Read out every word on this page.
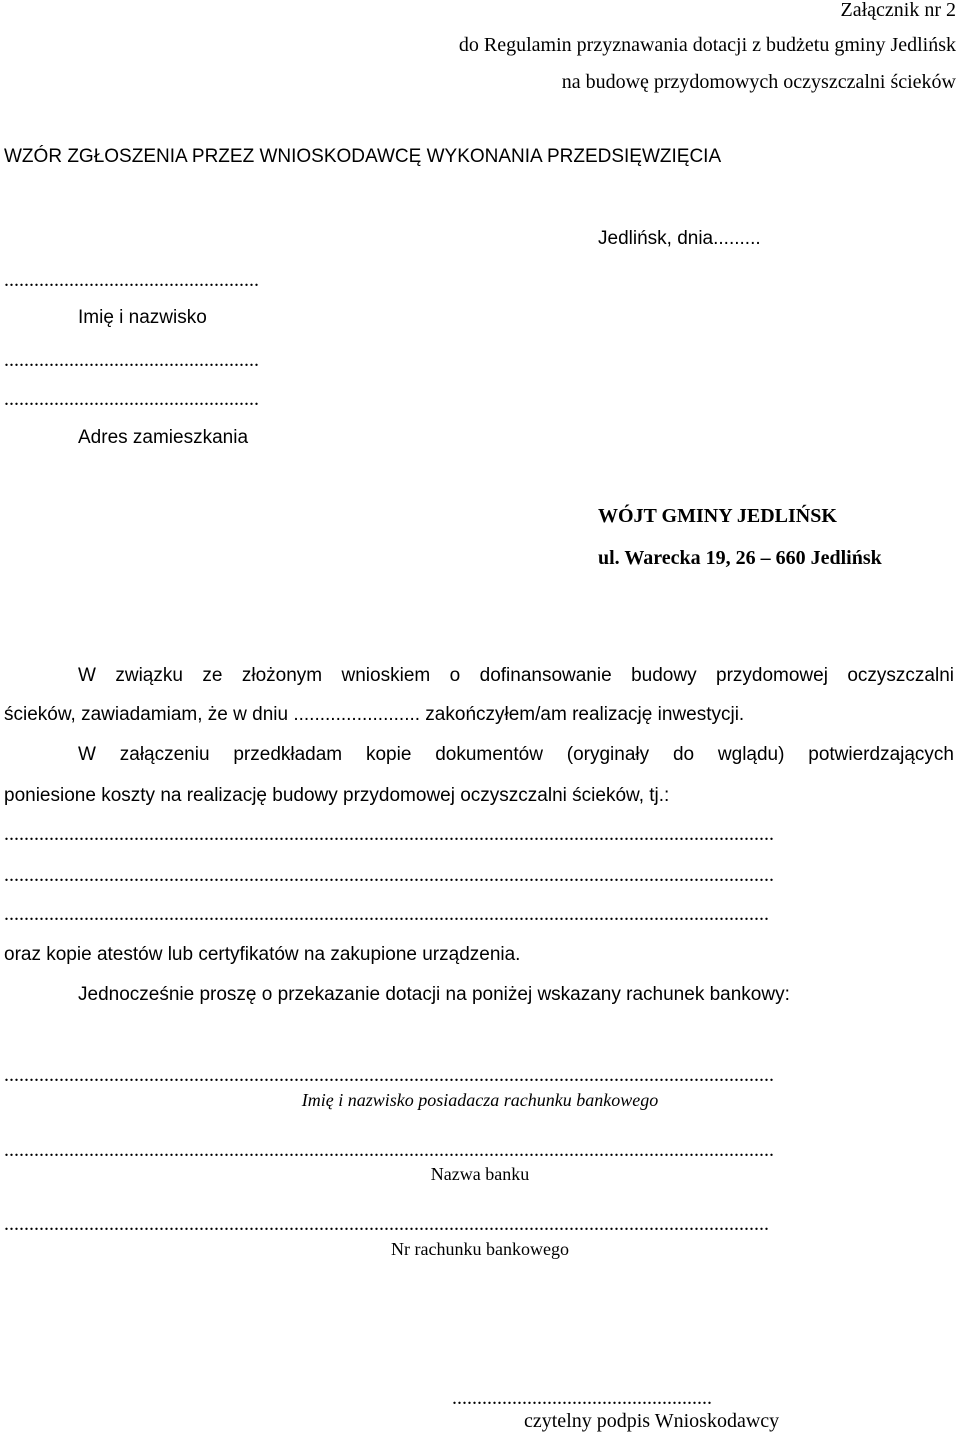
Załącznik nr 2

do Regulamin przyznawania dotacji z budżetu gminy Jedlińsk

na budowę przydomowych oczyszczalni ścieków

WZÓR ZGŁOSZENIA PRZEZ WNIOSKODAWCĘ WYKONANIA PRZEDSIĘWZIĘCIA

Jedlińsk, dnia.........

...................................................

Imię i nazwisko

...................................................

...................................................

Adres zamieszkania

WÓJT GMINY JEDLIŃSK

ul. Warecka 19, 26 – 660 Jedlińsk

W związku ze złożonym wnioskiem o dofinansowanie budowy przydomowej oczyszczalni

ścieków, zawiadamiam, że w dniu ........................ zakończyłem/am realizację inwestycji.

W załączeniu przedkładam kopie dokumentów (oryginały do wglądu) potwierdzających

poniesione koszty na realizację budowy przydomowej oczyszczalni ścieków, tj.:

..........................................................................................................................................................

..........................................................................................................................................................

.........................................................................................................................................................

oraz kopie atestów lub certyfikatów na zakupione urządzenia.

Jednocześnie proszę o przekazanie dotacji na poniżej wskazany rachunek bankowy:

..........................................................................................................................................................

Imię i nazwisko posiadacza rachunku bankowego

..........................................................................................................................................................

Nazwa banku

.........................................................................................................................................................

Nr rachunku bankowego

....................................................

czytelny podpis Wnioskodawcy
